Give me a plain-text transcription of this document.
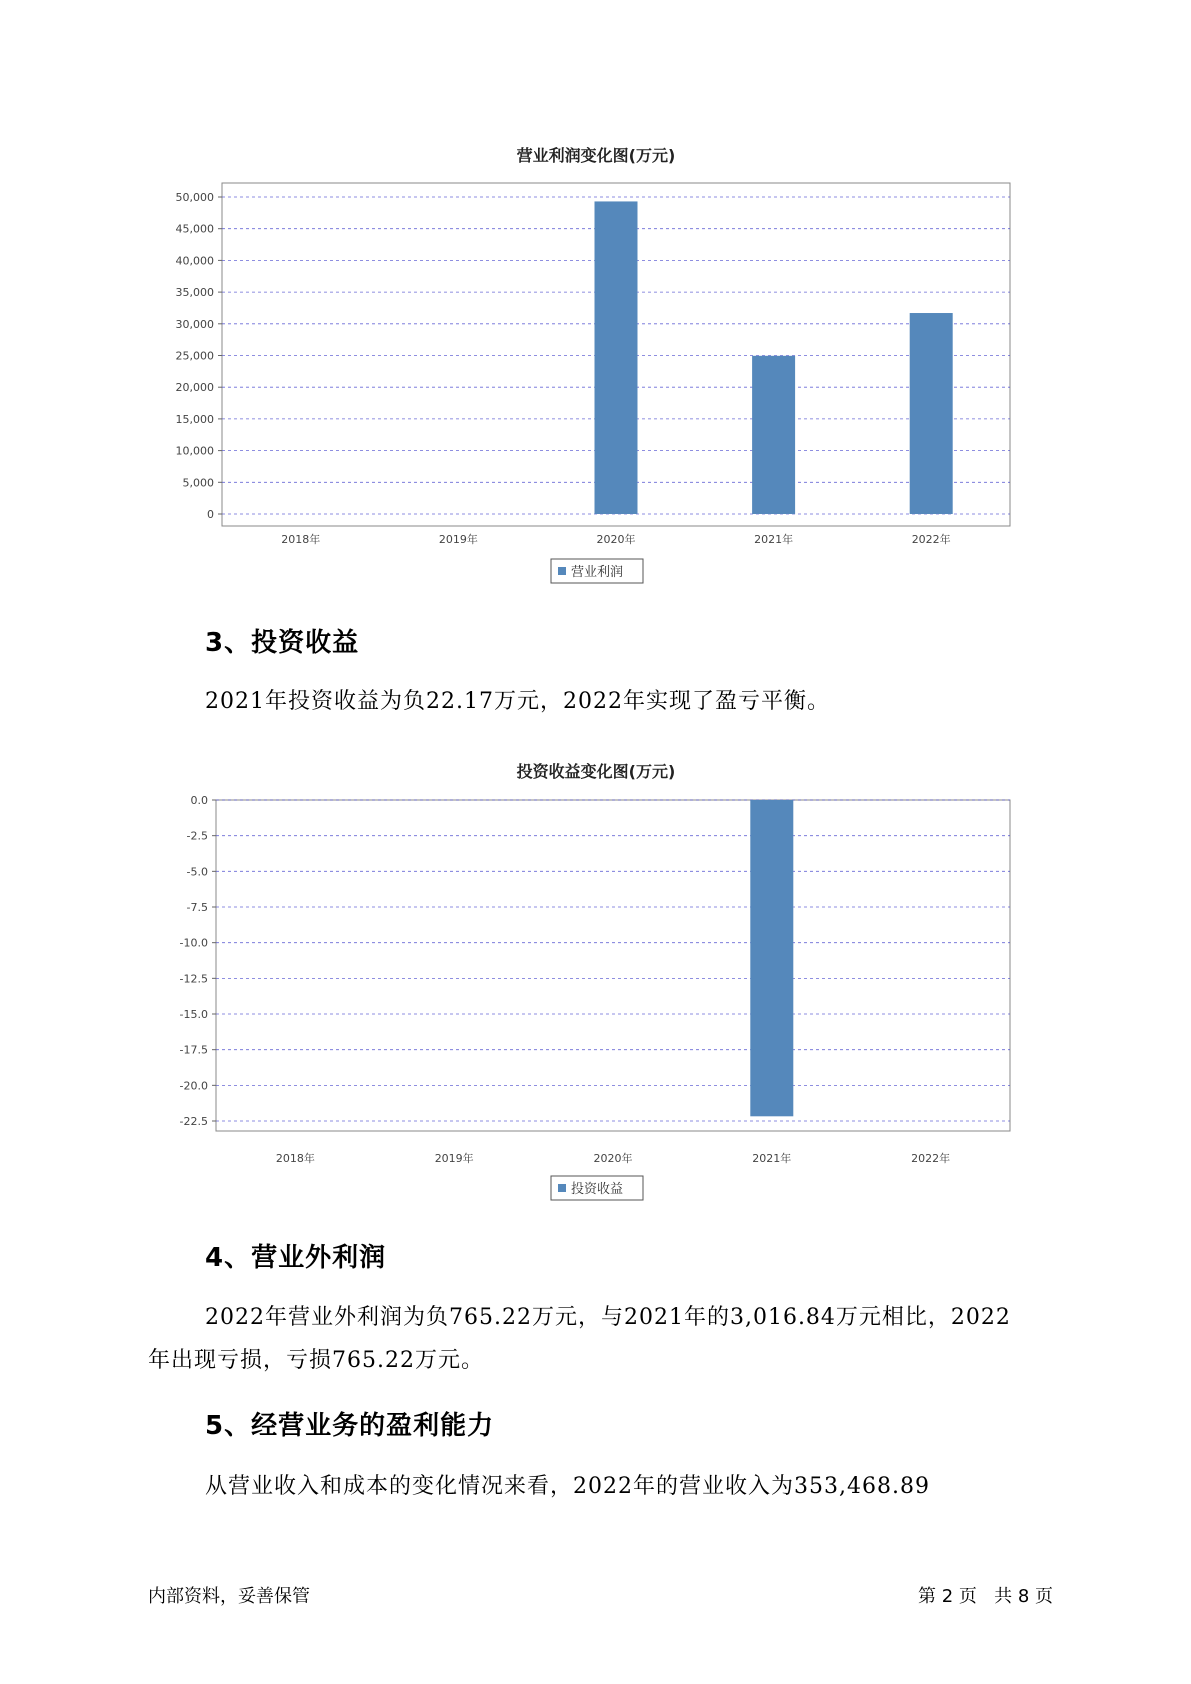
营业利润变化图(万元)
0
5,000
10,000
15,000
20,000
25,000
30,000
35,000
40,000
45,000
50,000
2018年	2019年	2020年	2021年	2022年
营业利润
投资收益变化图(万元)
0.0
-2.5
-5.0
-7.5
-10.0
-12.5
-15.0
-17.5
-20.0
-22.5
2018年	2019年	2020年	2021年	2022年
投资收益
3、投资收益

2021年投资收益为负22.17万元，2022年实现了盈亏平衡。

4、营业外利润

2022年营业外利润为负765.22万元，与2021年的3,016.84万元相比，2022

年出现亏损，亏损765.22万元。

5、经营业务的盈利能力

从营业收入和成本的变化情况来看，2022年的营业收入为353,468.89

内部资料，妥善保管	第 2 页   共 8 页
